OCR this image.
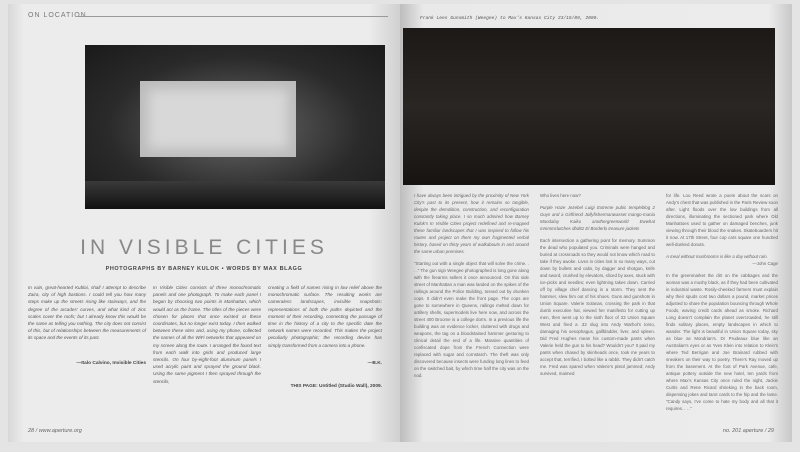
ON LOCATION
IN VISIBLE CITIES
PHOTOGRAPHS BY BARNEY KULOK • WORDS BY MAX BLAGG
In vain, great-hearted Kublai, shall I attempt to describe Zaira, city of high bastions. I could tell you how many steps make up the streets rising like stairways, and the degree of the arcades' curves, and what kind of zinc scales cover the roofs; but I already know this would be the same as telling you nothing. The city does not consist of this, but of relationships between the measurements of its space and the events of its past.
—Italo Calvino, Invisible Cities
In Visible Cities consists of three monochromatic panels and one photograph. To make each panel I began by choosing two points in Manhattan, which would act as the frame. The titles of the pieces were chosen for places that once existed at these coordinates, but no longer exist today. I then walked between these sites and, using my phone, collected the names of all the WiFi networks that appeared on my screen along the route. I arranged the found text from each walk into grids and produced large stencils. On four by-eight-foot aluminum panels I used acrylic paint and sprayed the ground black. Using the same pigment I then sprayed through the stencils,
creating a field of names rising in low relief above the monochromatic surface. The resulting works are cameraless landscapes, invisible snapshots: representations of both the paths depicted and the moment of their recording, connecting the passage of time in the history of a city to the specific date the network names were recorded. This makes the project peculiarly photographic; the recording device has simply transformed from a camera into a phone.
—B.K.
THIS PAGE: Untitled (Studio Wall), 2009.
28 / www.aperture.org
Frank Lees Gunsmith (Weegee) to Max's Kansas City 23/15/09, 2009.

I have always been intrigued by the proximity of New York City's past to its present, how it remains so tangible, despite the demolition, construction, and reconfiguration constantly taking place. I so much admired how Barney Kulok's In Visible Cities project redefined and re-mapped these familiar landscapes that I was inspired to follow his routes and project on them my own fragmented verbal history, based on thirty years of walkabouts in and around the same urban premises.

"Starting out with a single object that will solve the crime. . . ." The gun sign Weegee photographed is long gone along with the firearms sellers it once announced. On this side street of Manhattan a man was landed on the spikes of the railings around the Police Building, tossed out by drunken cops. It didn't even make the front page. The cops are gone to somewhere in Queens, railings melted down for artillery shells, supermodels live here now, and across the street 400 Broome is a college dorm. In a previous life the building was an evidence locker, cluttered with drugs and weapons, the tag on a bloodstained hammer gesturing to clinical detail the end of a life. Massive quantities of confiscated dope from the French Connection were replaced with sugar and cornstarch. The theft was only discovered because insects were funding long lines to feed on the switched bait, by which time half the city was on the nod.

Who lives here now?

Purple Haze Jezebel Luigi Extreme pubic templeblog 2 Guys and a Girlfriend Jollyfishermanwasset mango-mania Mandalay Kaiku anothergreenworld Ewwhat mmmmclutches dbd82 El Borderlo treasure jackets

Each intersection a gathering point for memory. Summon the dead who populated you. Criminals were hanged and buried at crossroads so they would not know which road to take if they awoke. Lives in cities lost in so many ways, cut down by bullets and cabs, by dagger and shotgun, knife and sword, crushed by elevators, sliced by axes, stuck with ice-picks and needles; even lightning takes down. Carried off by village chief dancing in a storm. They sent the hammer, slew him out of his shoes. Guns and gunshots in Union Square. Valerie Solanas, crossing the park in that dumb executive hat, viewed her manifesto for cutting up men, then went up to the sixth floor of 33 Union Square West and fired a .32 slug into Andy Warhol's torso, damaging his oesophagus, gallbladder, liver, and spleen. Did Fred Hughes mean his custom-made pants when Valerie held the gun to his head? Wouldn't you? It paid my pants when chased by skinheads once, took me years to accept that, terrified, I bolted like a rabbit. They didn't catch me. Fred was spared when Valerie's pistol jammed; Andy survived, maimed

for life. Lou Reed wrote a poem about the scars on Andy's chest that was published in the Paris Review soon after. Light floods over the low buildings from all directions, illuminating the sectioned park where Old Manhattoes used to gather on damaged benches, junk viewing through their blood the snakes. Skateboarders hit it now. At 17th Street, four cop cars square one hundred well-dunked donuts.

A meal without mushrooms is like a day without rain.

—John Cage

In the greenmarket the dirt on the cabbages and the woman was a mushy black, as if they had been cultivated in industrial waste. Rosily-cheeked farmers must explain why their spuds cost two dollars a pound, market prices adjusted to share the population bouncing through Whole Foods, waving credit cards ahead as smoke. Richard Long doesn't complain the planet overcrowded, he still finds solitary places, empty landscapes in which to wander. The light is beautiful in Union Square today, sky as blue as Mondrian's. Dr Prudeaux blue like an Australian's eyes or as Yves Klein into relation to Klein's where Ted Berrigan and Joe Brainard rubbed with sneakers on their way to poetry. There's Ray moved up from the basement. At the foot of Park Avenue, cafe, antique pottery outside the new hotel, ten yards from where Max's Kansas City once ruled the night, Jackie Curtis and Rene Ricard shrieking in the back room, dispensing jokes and tarot cards to the hip and the lame. "Candy says, I've come to hate my body and all that it requires. . . ."

no. 201 aperture / 29
